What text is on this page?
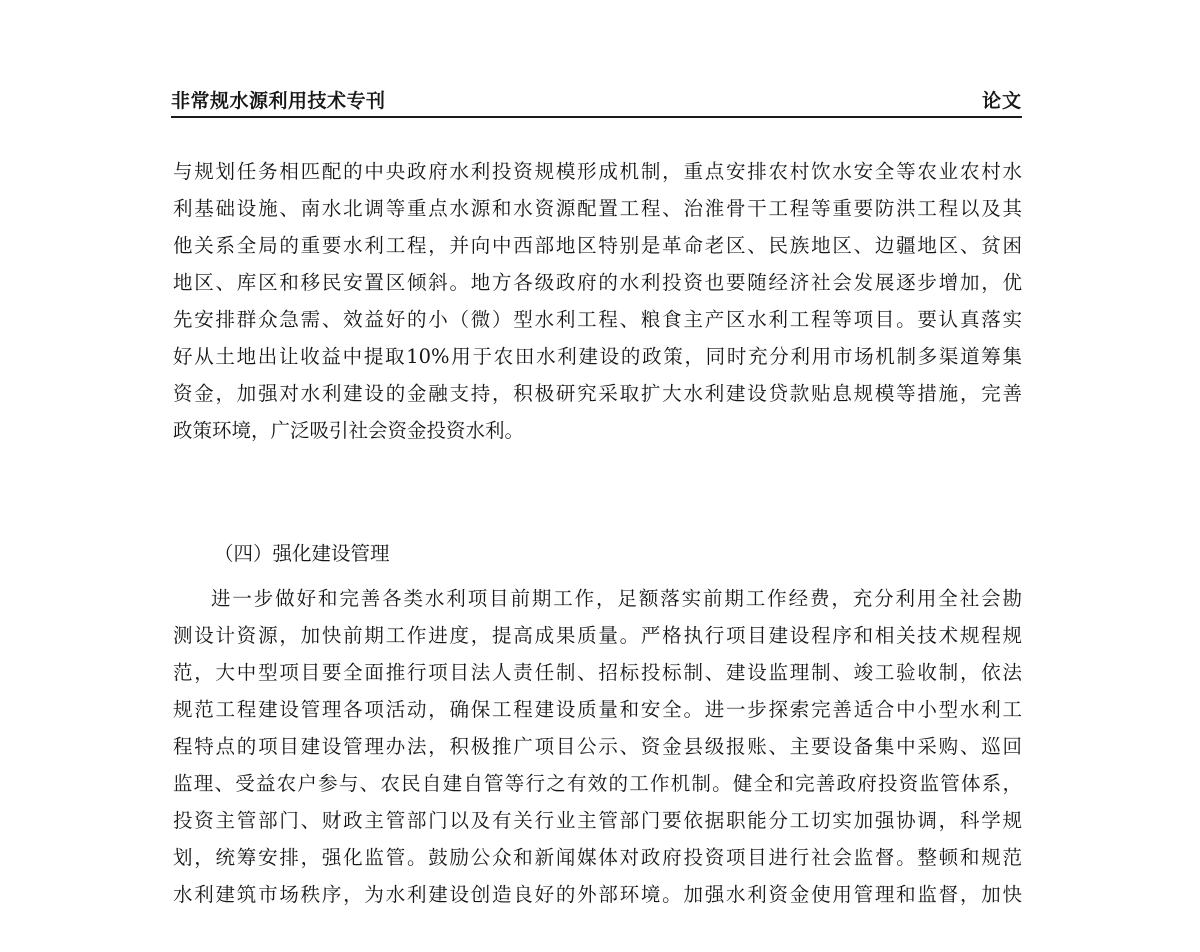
非常规水源利用技术专刊	论文
与规划任务相匹配的中央政府水利投资规模形成机制，重点安排农村饮水安全等农业农村水
利基础设施、南水北调等重点水源和水资源配置工程、治淮骨干工程等重要防洪工程以及其
他关系全局的重要水利工程，并向中西部地区特别是革命老区、民族地区、边疆地区、贫困
地区、库区和移民安置区倾斜。地方各级政府的水利投资也要随经济社会发展逐步增加，优
先安排群众急需、效益好的小（微）型水利工程、粮食主产区水利工程等项目。要认真落实
好从土地出让收益中提取10%用于农田水利建设的政策，同时充分利用市场机制多渠道筹集
资金，加强对水利建设的金融支持，积极研究采取扩大水利建设贷款贴息规模等措施，完善
政策环境，广泛吸引社会资金投资水利。
（四）强化建设管理
进一步做好和完善各类水利项目前期工作，足额落实前期工作经费，充分利用全社会勘
测设计资源，加快前期工作进度，提高成果质量。严格执行项目建设程序和相关技术规程规
范，大中型项目要全面推行项目法人责任制、招标投标制、建设监理制、竣工验收制，依法
规范工程建设管理各项活动，确保工程建设质量和安全。进一步探索完善适合中小型水利工
程特点的项目建设管理办法，积极推广项目公示、资金县级报账、主要设备集中采购、巡回
监理、受益农户参与、农民自建自管等行之有效的工作机制。健全和完善政府投资监管体系，
投资主管部门、财政主管部门以及有关行业主管部门要依据职能分工切实加强协调，科学规
划，统筹安排，强化监管。鼓励公众和新闻媒体对政府投资项目进行社会监督。整顿和规范
水利建筑市场秩序，为水利建设创造良好的外部环境。加强水利资金使用管理和监督，加快
